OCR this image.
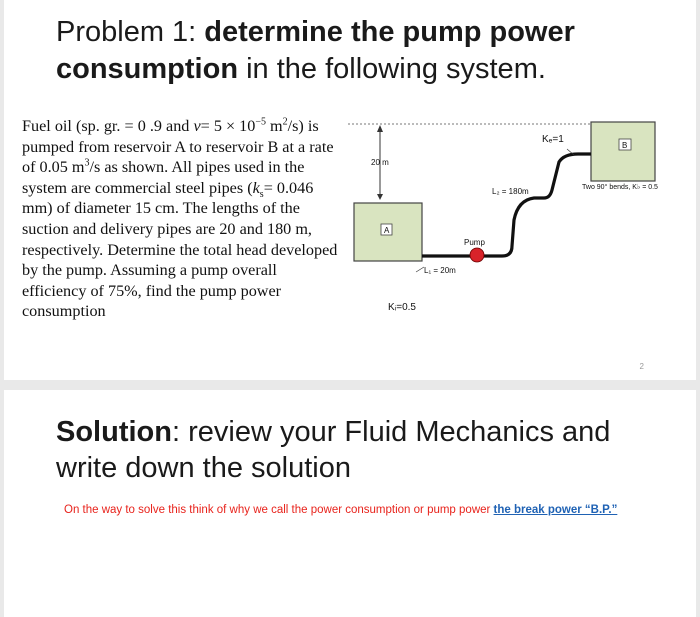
Problem 1: determine the pump power consumption in the following system.
Fuel oil (sp. gr. = 0 .9 and $\nu= 5 \times 10^{-5}$ $m^2/s$) is pumped from reservoir A to reservoir B at a rate of 0.05 $m^3/s$ as shown. All pipes used in the system are commercial steel pipes ($k_s= 0.046$ mm) of diameter 15 cm. The lengths of the suction and delivery pipes are 20 and 180 m, respectively. Determine the total head developed by the pump. Assuming a pump overall efficiency of 75%, find the pump power consumption
20 m
A
B
Pump
L₁ = 20m
L₂ = 180m
Kₑ=1
Kᵢ=0.5
Two 90° bends, K♭ = 0.5
2
Solution: review your Fluid Mechanics and
write down the solution
On the way to solve this think of why we call the power consumption or pump power the break power “B.P.”
